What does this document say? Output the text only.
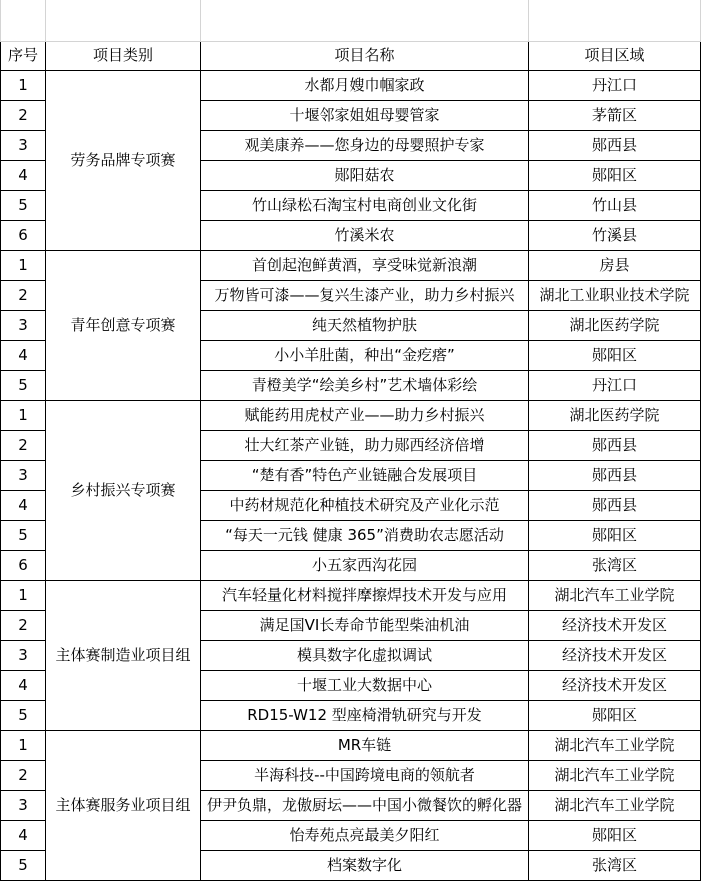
序号	项目类别	项目名称	项目区域
1	劳务品牌专项赛	水都月嫂巾帼家政	丹江口
2		十堰邻家姐姐母婴管家	茅箭区
3		观美康养——您身边的母婴照护专家	郧西县
4		郧阳菇农	郧阳区
5		竹山绿松石淘宝村电商创业文化街	竹山县
6		竹溪米农	竹溪县
1	青年创意专项赛	首创起泡鲜黄酒，享受味觉新浪潮	房县
2		万物皆可漆——复兴生漆产业，助力乡村振兴	湖北工业职业技术学院
3		纯天然植物护肤	湖北医药学院
4		小小羊肚菌，种出“金疙瘩”	郧阳区
5		青橙美学“绘美乡村”艺术墙体彩绘	丹江口
1	乡村振兴专项赛	赋能药用虎杖产业——助力乡村振兴	湖北医药学院
2		壮大红茶产业链，助力郧西经济倍增	郧西县
3		“楚有香”特色产业链融合发展项目	郧西县
4		中药材规范化种植技术研究及产业化示范	郧西县
5		“每天一元钱 健康 365”消费助农志愿活动	郧阳区
6		小五家西沟花园	张湾区
1	主体赛制造业项目组	汽车轻量化材料搅拌摩擦焊技术开发与应用	湖北汽车工业学院
2		满足国VI长寿命节能型柴油机油	经济技术开发区
3		模具数字化虚拟调试	经济技术开发区
4		十堰工业大数据中心	经济技术开发区
5		RD15-W12 型座椅滑轨研究与开发	郧阳区
1	主体赛服务业项目组	MR车链	湖北汽车工业学院
2		半海科技--中国跨境电商的领航者	湖北汽车工业学院
3		伊尹负鼎，龙傲厨坛——中国小微餐饮的孵化器	湖北汽车工业学院
4		怡寿苑点亮最美夕阳红	郧阳区
5		档案数字化	张湾区
